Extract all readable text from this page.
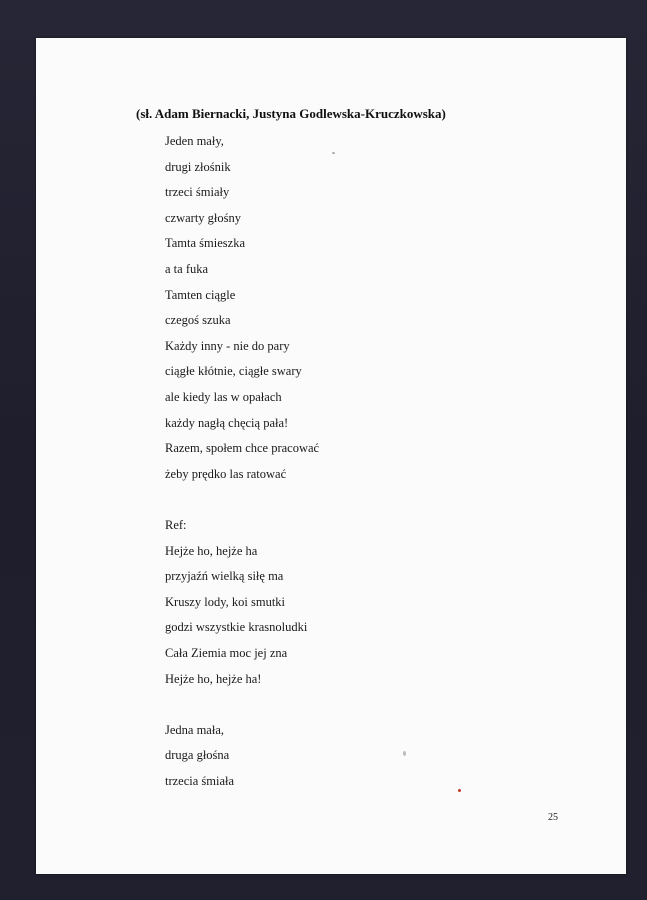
(sł. Adam Biernacki, Justyna Godlewska-Kruczkowska)
Jeden mały,
drugi złośnik
trzeci śmiały
czwarty głośny
Tamta śmieszka
a ta fuka
Tamten ciągle
czegoś szuka
Każdy inny - nie do pary
ciągłe kłótnie, ciągłe swary
ale kiedy las w opałach
każdy nagłą chęcią pała!
Razem, społem chce pracować
żeby prędko las ratować
Ref:
Hejże ho, hejże ha
przyjaźń wielką siłę ma
Kruszy lody, koi smutki
godzi wszystkie krasnoludki
Cała Ziemia moc jej zna
Hejże ho, hejże ha!
Jedna mała,
druga głośna
trzecia śmiała
25
